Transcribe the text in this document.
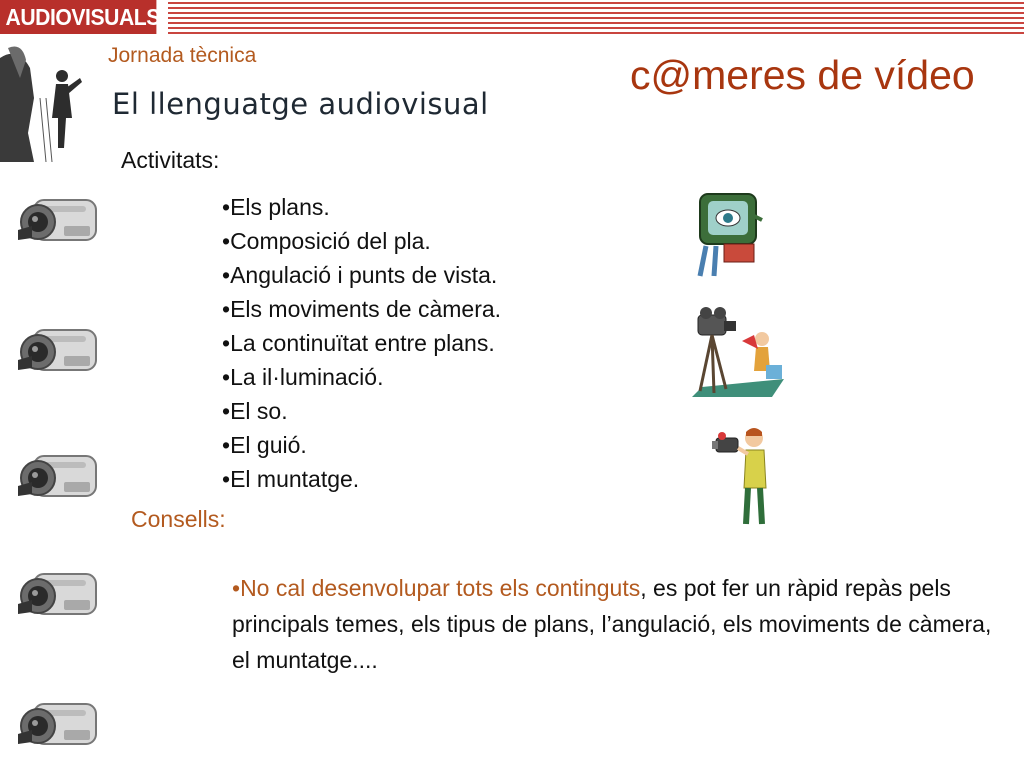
AUDIOVISUALS
Jornada tècnica	c@meres de vídeo
El llenguatge audiovisual
Activitats:
• Els plans.
• Composició del pla.
• Angulació i punts de vista.
• Els moviments de càmera.
• La continuïtat entre plans.
• La il·luminació.
• El so.
• El guió.
• El muntatge.
Consells:
•No cal desenvolupar tots els continguts, es pot fer un ràpid repàs pels principals temes, els tipus de plans, l’angulació, els moviments de càmera, el muntatge....
